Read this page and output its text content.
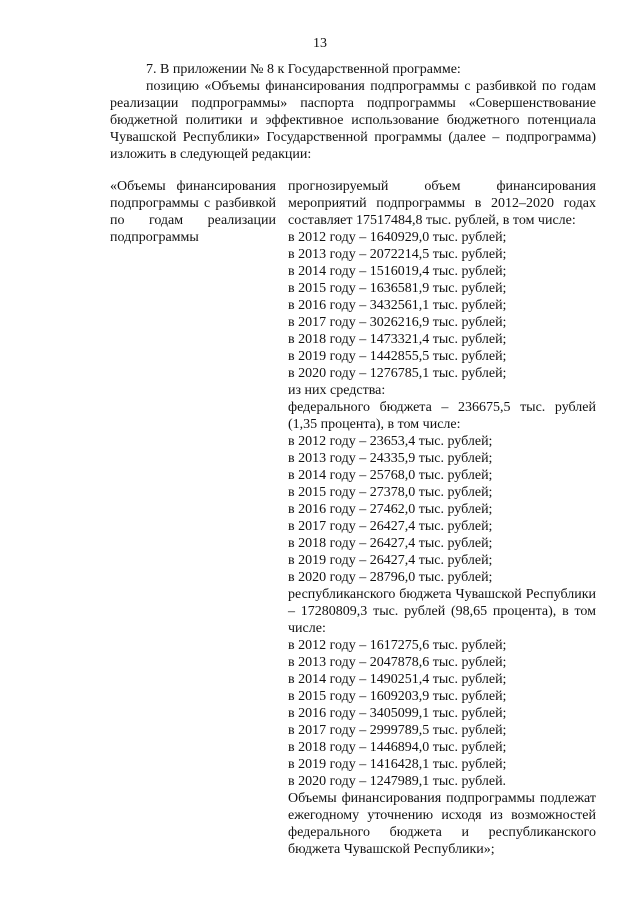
13

7. В приложении № 8 к Государственной программе:

позицию «Объемы финансирования подпрограммы с разбивкой по годам реализации подпрограммы» паспорта подпрограммы «Совершенствование бюджетной политики и эффективное использование бюджетного потенциала Чувашской Республики» Государственной программы (далее – подпрограмма) изложить в следующей редакции:

«Объемы финансирования подпрограммы с разбивкой по годам реализации подпрограммы
прогнозируемый объем финансирования мероприятий подпрограммы в 2012–2020 годах составляет 17517484,8 тыс. рублей, в том числе:
в 2012 году – 1640929,0 тыс. рублей;
в 2013 году – 2072214,5 тыс. рублей;
в 2014 году – 1516019,4 тыс. рублей;
в 2015 году – 1636581,9 тыс. рублей;
в 2016 году – 3432561,1 тыс. рублей;
в 2017 году – 3026216,9 тыс. рублей;
в 2018 году – 1473321,4 тыс. рублей;
в 2019 году – 1442855,5 тыс. рублей;
в 2020 году – 1276785,1 тыс. рублей;
из них средства:
федерального бюджета – 236675,5 тыс. рублей (1,35 процента), в том числе:
в 2012 году – 23653,4 тыс. рублей;
в 2013 году – 24335,9 тыс. рублей;
в 2014 году – 25768,0 тыс. рублей;
в 2015 году – 27378,0 тыс. рублей;
в 2016 году – 27462,0 тыс. рублей;
в 2017 году – 26427,4 тыс. рублей;
в 2018 году – 26427,4 тыс. рублей;
в 2019 году – 26427,4 тыс. рублей;
в 2020 году – 28796,0 тыс. рублей;
республиканского бюджета Чувашской Республики – 17280809,3 тыс. рублей (98,65 процента), в том числе:
в 2012 году – 1617275,6 тыс. рублей;
в 2013 году – 2047878,6 тыс. рублей;
в 2014 году – 1490251,4 тыс. рублей;
в 2015 году – 1609203,9 тыс. рублей;
в 2016 году – 3405099,1 тыс. рублей;
в 2017 году – 2999789,5 тыс. рублей;
в 2018 году – 1446894,0 тыс. рублей;
в 2019 году – 1416428,1 тыс. рублей;
в 2020 году – 1247989,1 тыс. рублей.
Объемы финансирования подпрограммы подлежат ежегодному уточнению исходя из возможностей федерального бюджета и республиканского бюджета Чувашской Республики»;
